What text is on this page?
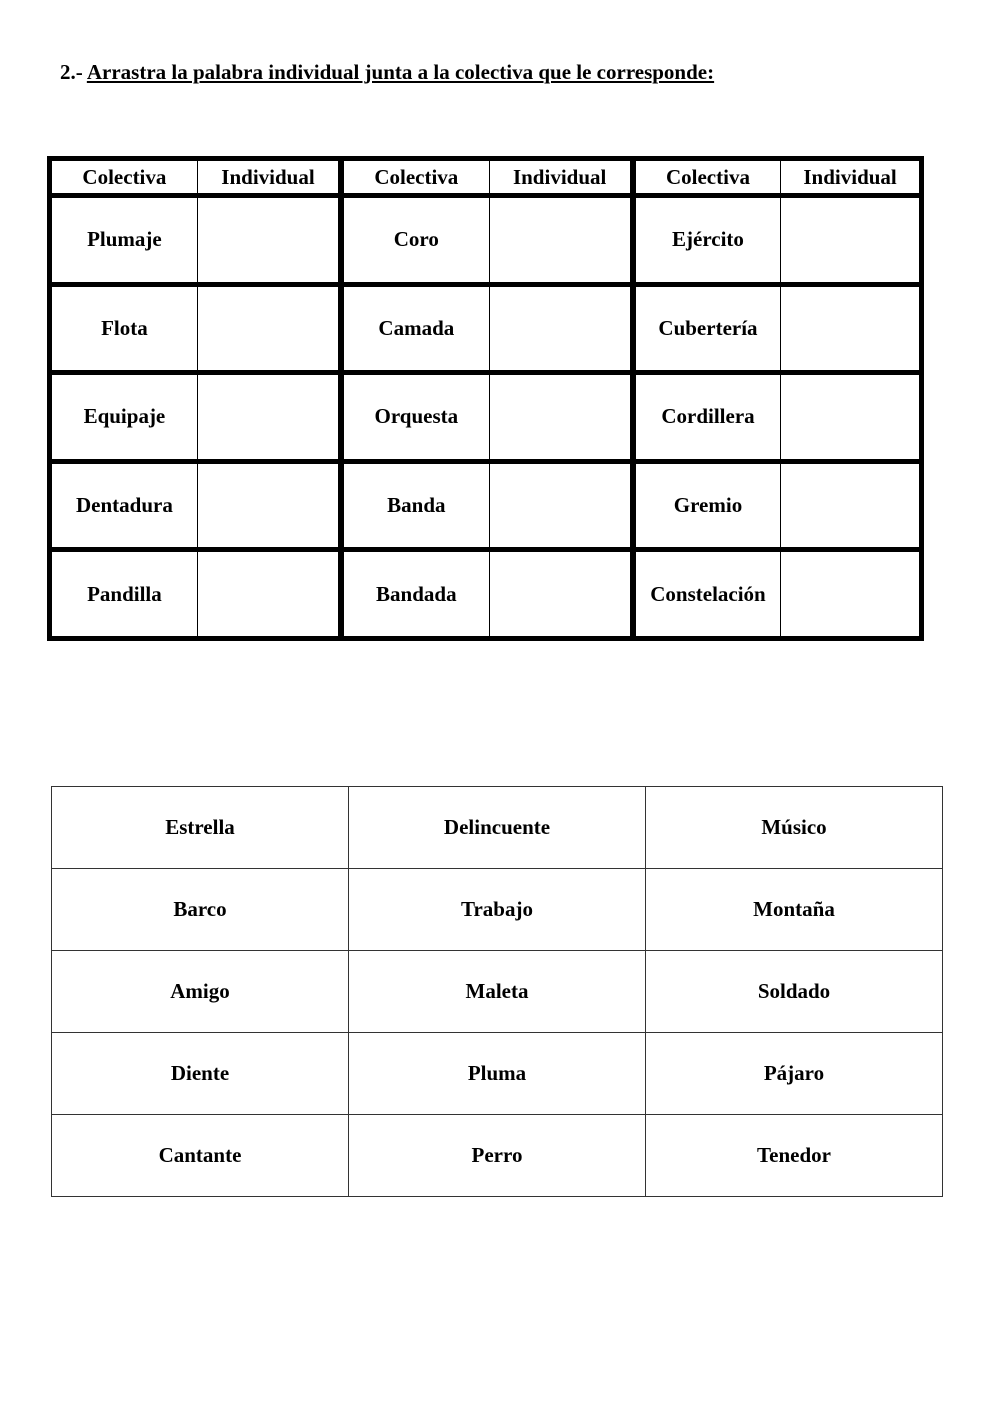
2.- Arrastra la palabra individual junta a la colectiva que le corresponde:
Colectiva	Individual	Colectiva	Individual	Colectiva	Individual
Plumaje		Coro		Ejército	
Flota		Camada		Cubertería	
Equipaje		Orquesta		Cordillera	
Dentadura		Banda		Gremio	
Pandilla		Bandada		Constelación	
Estrella	Delincuente	Músico
Barco	Trabajo	Montaña
Amigo	Maleta	Soldado
Diente	Pluma	Pájaro
Cantante	Perro	Tenedor
